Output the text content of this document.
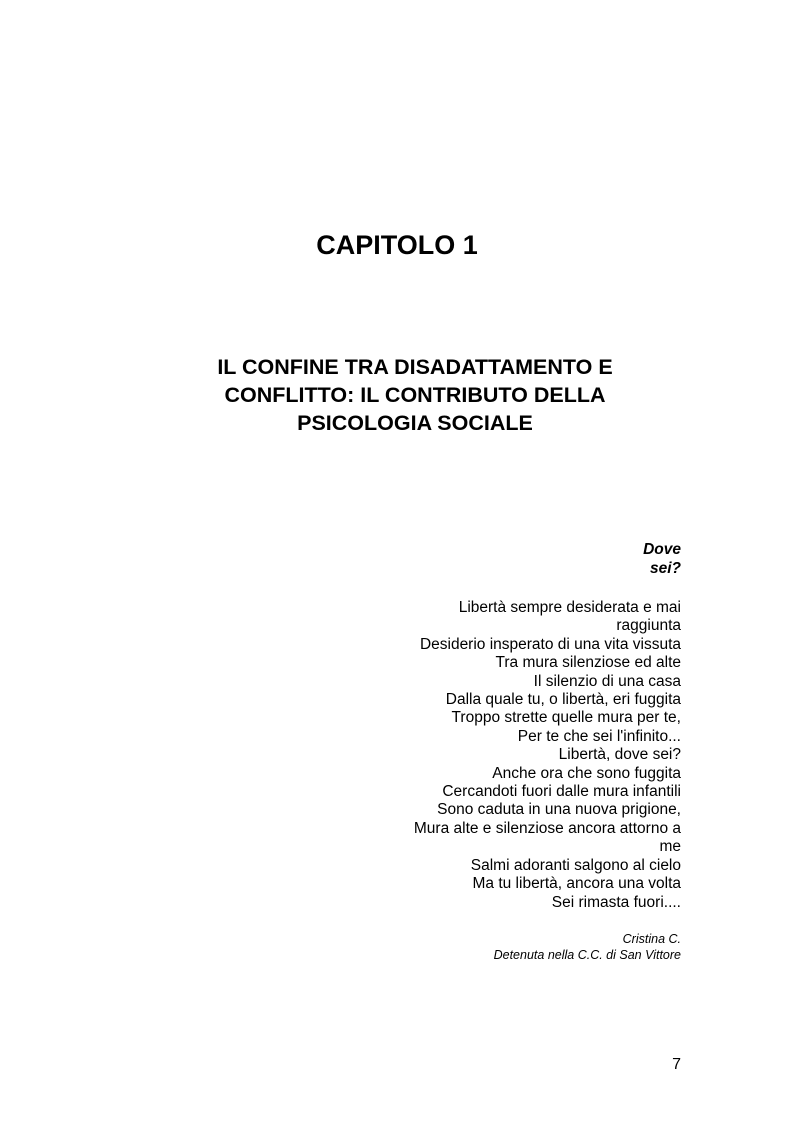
CAPITOLO 1
IL CONFINE TRA DISADATTAMENTO E
CONFLITTO: IL CONTRIBUTO DELLA
PSICOLOGIA SOCIALE
Dove
sei?
Libertà sempre desiderata e mai
raggiunta
Desiderio insperato di una vita vissuta
Tra mura silenziose ed alte
Il silenzio di una casa
Dalla quale tu, o libertà, eri fuggita
Troppo strette quelle mura per te,
Per te che sei l'infinito...
Libertà, dove sei?
Anche ora che sono fuggita
Cercandoti fuori dalle mura infantili
Sono caduta in una nuova prigione,
Mura alte e silenziose ancora attorno a
me
Salmi adoranti salgono al cielo
Ma tu libertà, ancora una volta
Sei rimasta fuori....
Cristina C.
Detenuta nella C.C. di San Vittore
7
